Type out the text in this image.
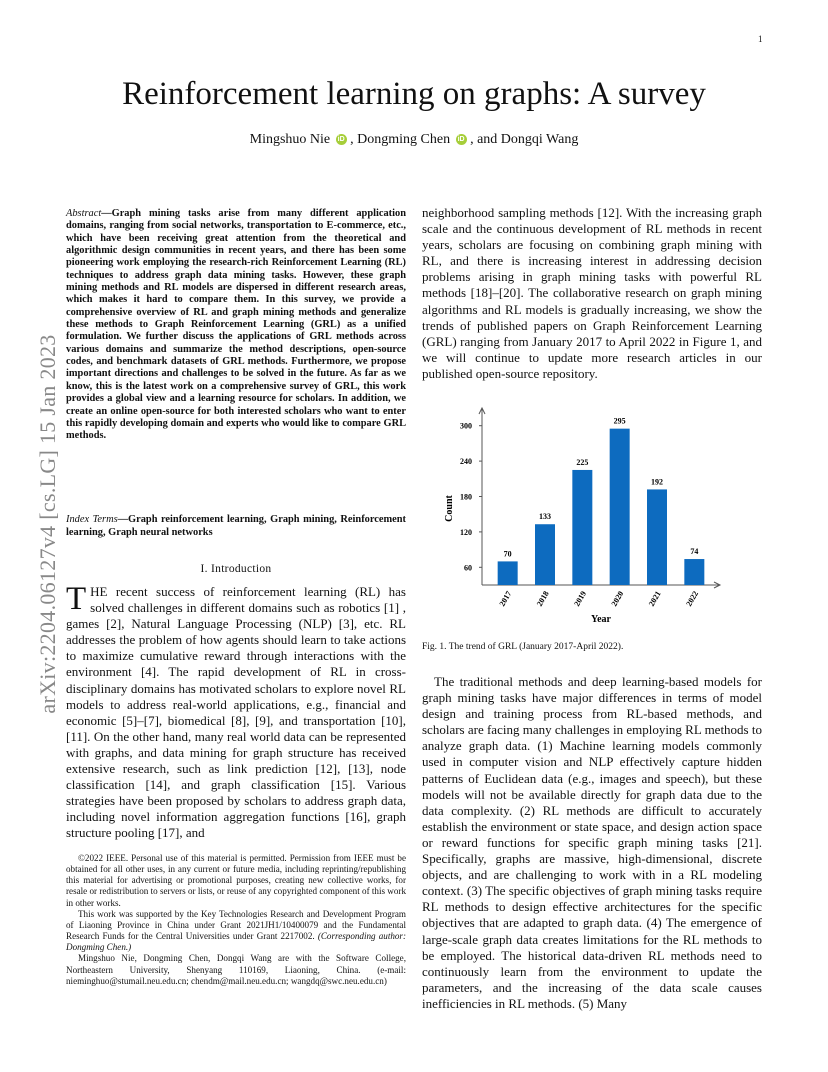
1
arXiv:2204.06127v4 [cs.LG] 15 Jan 2023
Reinforcement learning on graphs: A survey
Mingshuo Nie iD , Dongming Chen iD , and Dongqi Wang
Abstract—Graph mining tasks arise from many different application domains, ranging from social networks, transportation to E-commerce, etc., which have been receiving great attention from the theoretical and algorithmic design communities in recent years, and there has been some pioneering work employing the research-rich Reinforcement Learning (RL) techniques to address graph data mining tasks. However, these graph mining methods and RL models are dispersed in different research areas, which makes it hard to compare them. In this survey, we provide a comprehensive overview of RL and graph mining methods and generalize these methods to Graph Reinforcement Learning (GRL) as a unified formulation. We further discuss the applications of GRL methods across various domains and summarize the method descriptions, open-source codes, and benchmark datasets of GRL methods. Furthermore, we propose important directions and challenges to be solved in the future. As far as we know, this is the latest work on a comprehensive survey of GRL, this work provides a global view and a learning resource for scholars. In addition, we create an online open-source for both interested scholars who want to enter this rapidly developing domain and experts who would like to compare GRL methods.
Index Terms—Graph reinforcement learning, Graph mining, Reinforcement learning, Graph neural networks
I. Introduction
THE recent success of reinforcement learning (RL) has solved challenges in different domains such as robotics [1] , games [2], Natural Language Processing (NLP) [3], etc. RL addresses the problem of how agents should learn to take actions to maximize cumulative reward through interactions with the environment [4]. The rapid development of RL in cross-disciplinary domains has motivated scholars to explore novel RL models to address real-world applications, e.g., financial and economic [5]–[7], biomedical [8], [9], and transportation [10], [11]. On the other hand, many real world data can be represented with graphs, and data mining for graph structure has received extensive research, such as link prediction [12], [13], node classification [14], and graph classification [15]. Various strategies have been proposed by scholars to address graph data, including novel information aggregation functions [16], graph structure pooling [17], and

©2022 IEEE. Personal use of this material is permitted. Permission from IEEE must be obtained for all other uses, in any current or future media, including reprinting/republishing this material for advertising or promotional purposes, creating new collective works, for resale or redistribution to servers or lists, or reuse of any copyrighted component of this work in other works.

This work was supported by the Key Technologies Research and Development Program of Liaoning Province in China under Grant 2021JH1/10400079 and the Fundamental Research Funds for the Central Universities under Grant 2217002. (Corresponding author: Dongming Chen.)

Mingshuo Nie, Dongming Chen, Dongqi Wang are with the Software College, Northeastern University, Shenyang 110169, Liaoning, China. (e-mail: nieminghuo@stumail.neu.edu.cn; chendm@mail.neu.edu.cn; wangdq@swc.neu.edu.cn)

neighborhood sampling methods [12]. With the increasing graph scale and the continuous development of RL methods in recent years, scholars are focusing on combining graph mining with RL, and there is increasing interest in addressing decision problems arising in graph mining tasks with powerful RL methods [18]–[20]. The collaborative research on graph mining algorithms and RL models is gradually increasing, we show the trends of published papers on Graph Reinforcement Learning (GRL) ranging from January 2017 to April 2022 in Figure 1, and we will continue to update more research articles in our published open-source repository.
60
120
180
240
300
Count
70
2017
133
2018
225
2019
295
2020
192
2021
74
2022
Year
Fig. 1. The trend of GRL (January 2017-April 2022).

The traditional methods and deep learning-based models for graph mining tasks have major differences in terms of model design and training process from RL-based methods, and scholars are facing many challenges in employing RL methods to analyze graph data. (1) Machine learning models commonly used in computer vision and NLP effectively capture hidden patterns of Euclidean data (e.g., images and speech), but these models will not be available directly for graph data due to the data complexity. (2) RL methods are difficult to accurately establish the environment or state space, and design action space or reward functions for specific graph mining tasks [21]. Specifically, graphs are massive, high-dimensional, discrete objects, and are challenging to work with in a RL modeling context. (3) The specific objectives of graph mining tasks require RL methods to design effective architectures for the specific objectives that are adapted to graph data. (4) The emergence of large-scale graph data creates limitations for the RL methods to be employed. The historical data-driven RL methods need to continuously learn from the environment to update the parameters, and the increasing of the data scale causes inefficiencies in RL methods. (5) Many
